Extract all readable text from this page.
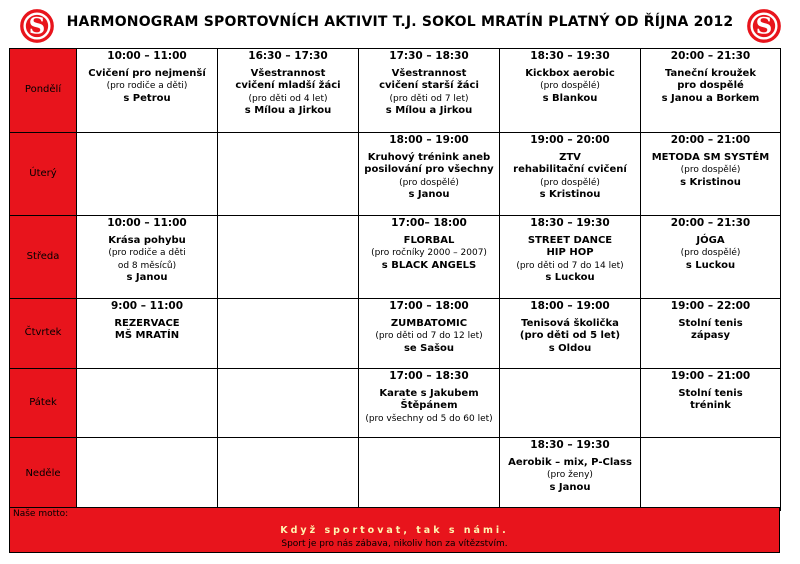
S	HARMONOGRAM SPORTOVNÍCH AKTIVIT T.J. SOKOL MRATÍN PLATNÝ OD ŘÍJNA 2012 S
Pondělí	10:00 – 11:00
Cvičení pro nejmenší
(pro rodiče a děti)
s Petrou	16:30 – 17:30
Všestrannost
cvičení mladší žáci
(pro děti od 4 let)
s Mílou a Jirkou	17:30 – 18:30
Všestrannost
cvičení starší žáci
(pro děti od 7 let)
s Mílou a Jirkou	18:30 – 19:30
Kickbox aerobic
(pro dospělé)
s Blankou	20:00 – 21:30
Taneční kroužek
pro dospělé
s Janou a Borkem

Úterý			18:00 – 19:00
Kruhový trénink aneb
posilování pro všechny
(pro dospělé)
s Janou	19:00 – 20:00
ZTV
rehabilitační cvičení
(pro dospělé)
s Kristinou	20:00 – 21:00
METODA SM SYSTÉM
(pro dospělé)
s Kristinou

Středa	10:00 – 11:00
Krása pohybu
(pro rodiče a děti
od 8 měsíců)
s Janou		17:00– 18:00
FLORBAL
(pro ročníky 2000 – 2007)
s BLACK ANGELS	18:30 – 19:30
STREET DANCE
HIP HOP
(pro děti od 7 do 14 let)
s Luckou	20:00 – 21:30
JÓGA
(pro dospělé)
s Luckou

Čtvrtek	9:00 – 11:00
REZERVACE
MŠ MRATÍN		17:00 – 18:00
ZUMBATOMIC
(pro děti od 7 do 12 let)
se Sašou	18:00 – 19:00
Tenisová školička
(pro děti od 5 let)
s Oldou	19:00 – 22:00
Stolní tenis
zápasy

Pátek			17:00 – 18:30
Karate s Jakubem
Štěpánem
(pro všechny od 5 do 60 let)		19:00 – 21:00
Stolní tenis
trénink

Neděle				18:30 – 19:30
Aerobik – mix, P-Class
(pro ženy)
s Janou	

Naše motto:
Když sportovat, tak s námi.
Sport je pro nás zábava, nikoliv hon za vítězstvím.
